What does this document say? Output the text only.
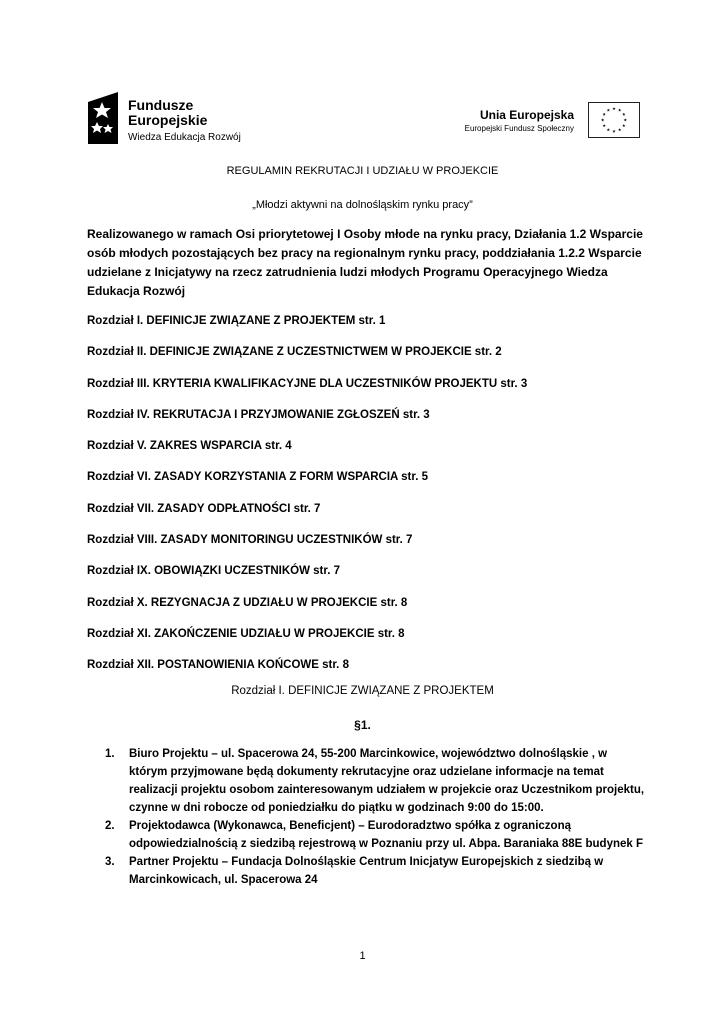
Fundusze
Europejskie
Wiedza Edukacja Rozwój
Unia Europejska
Europejski Fundusz Społeczny
REGULAMIN REKRUTACJI I UDZIAŁU W PROJEKCIE
„Młodzi aktywni na dolnośląskim rynku pracy”
Realizowanego w ramach Osi priorytetowej I Osoby młode na rynku pracy, Działania 1.2 Wsparcie osób młodych pozostających bez pracy na regionalnym rynku pracy, poddziałania 1.2.2 Wsparcie udzielane z Inicjatywy na rzecz zatrudnienia ludzi młodych Programu Operacyjnego Wiedza Edukacja Rozwój
Rozdział I. DEFINICJE ZWIĄZANE Z PROJEKTEM str. 1
Rozdział II. DEFINICJE ZWIĄZANE Z UCZESTNICTWEM W PROJEKCIE str. 2
Rozdział III. KRYTERIA KWALIFIKACYJNE DLA UCZESTNIKÓW PROJEKTU str. 3
Rozdział IV. REKRUTACJA I PRZYJMOWANIE ZGŁOSZEŃ str. 3
Rozdział V. ZAKRES WSPARCIA str. 4
Rozdział VI. ZASADY KORZYSTANIA Z FORM WSPARCIA str. 5
Rozdział VII. ZASADY ODPŁATNOŚCI str. 7
Rozdział VIII. ZASADY MONITORINGU UCZESTNIKÓW str. 7
Rozdział IX. OBOWIĄZKI UCZESTNIKÓW str. 7
Rozdział X. REZYGNACJA Z UDZIAŁU W PROJEKCIE str. 8
Rozdział XI. ZAKOŃCZENIE UDZIAŁU W PROJEKCIE str. 8
Rozdział XII. POSTANOWIENIA KOŃCOWE str. 8
Rozdział I. DEFINICJE ZWIĄZANE Z PROJEKTEM
§1.
1. Biuro Projektu – ul. Spacerowa 24, 55-200 Marcinkowice, województwo dolnośląskie , w którym przyjmowane będą dokumenty rekrutacyjne oraz udzielane informacje na temat realizacji projektu osobom zainteresowanym udziałem w projekcie oraz Uczestnikom projektu, czynne w dni robocze od poniedziałku do piątku w godzinach 9:00 do 15:00.
2. Projektodawca (Wykonawca, Beneficjent) – Eurodoradztwo spółka z ograniczoną odpowiedzialnością z siedzibą rejestrową w Poznaniu przy ul. Abpa. Baraniaka 88E budynek F
3. Partner Projektu – Fundacja Dolnośląskie Centrum Inicjatyw Europejskich z siedzibą w Marcinkowicach, ul. Spacerowa 24
1
